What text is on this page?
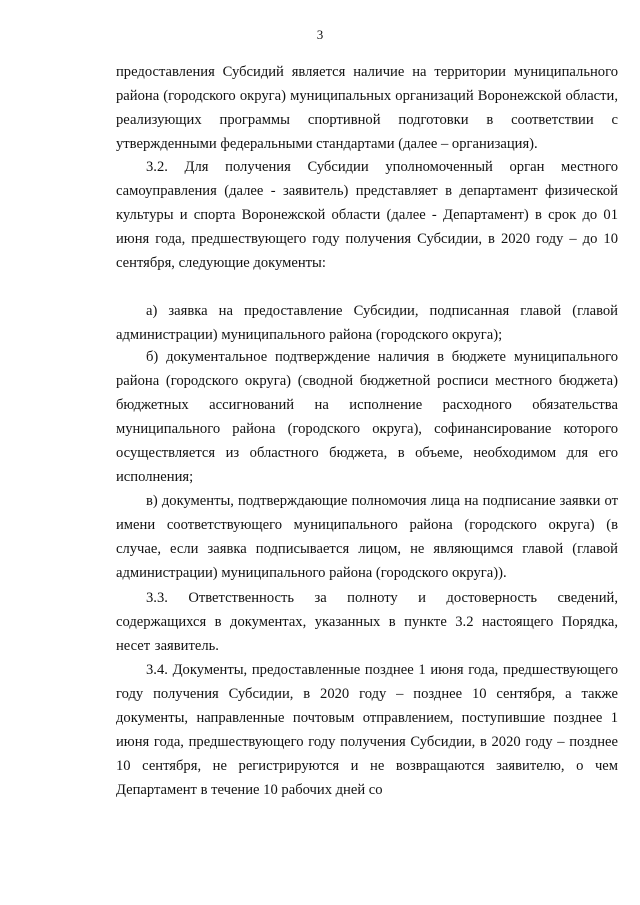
3
предоставления Субсидий является наличие на территории муниципального района (городского округа) муниципальных организаций Воронежской области, реализующих программы спортивной подготовки в соответствии с утвержденными федеральными стандартами (далее – организация).
3.2. Для получения Субсидии уполномоченный орган местного самоуправления (далее - заявитель) представляет в департамент физической культуры и спорта Воронежской области (далее - Департамент) в срок до 01 июня года, предшествующего году получения Субсидии, в 2020 году – до 10 сентября, следующие документы:
а) заявка на предоставление Субсидии, подписанная главой (главой администрации) муниципального района (городского округа);
б) документальное подтверждение наличия в бюджете муниципального района (городского округа) (сводной бюджетной росписи местного бюджета) бюджетных ассигнований на исполнение расходного обязательства муниципального района (городского округа), софинансирование которого осуществляется из областного бюджета, в объеме, необходимом для его исполнения;
в) документы, подтверждающие полномочия лица на подписание заявки от имени соответствующего муниципального района (городского округа) (в случае, если заявка подписывается лицом, не являющимся главой (главой администрации) муниципального района (городского округа)).
3.3. Ответственность за полноту и достоверность сведений, содержащихся в документах, указанных в пункте 3.2 настоящего Порядка, несет заявитель.
3.4. Документы, предоставленные позднее 1 июня года, предшествующего году получения Субсидии, в 2020 году – позднее 10 сентября, а также документы, направленные почтовым отправлением, поступившие позднее 1 июня года, предшествующего году получения Субсидии, в 2020 году – позднее 10 сентября, не регистрируются и не возвращаются заявителю, о чем Департамент в течение 10 рабочих дней со
